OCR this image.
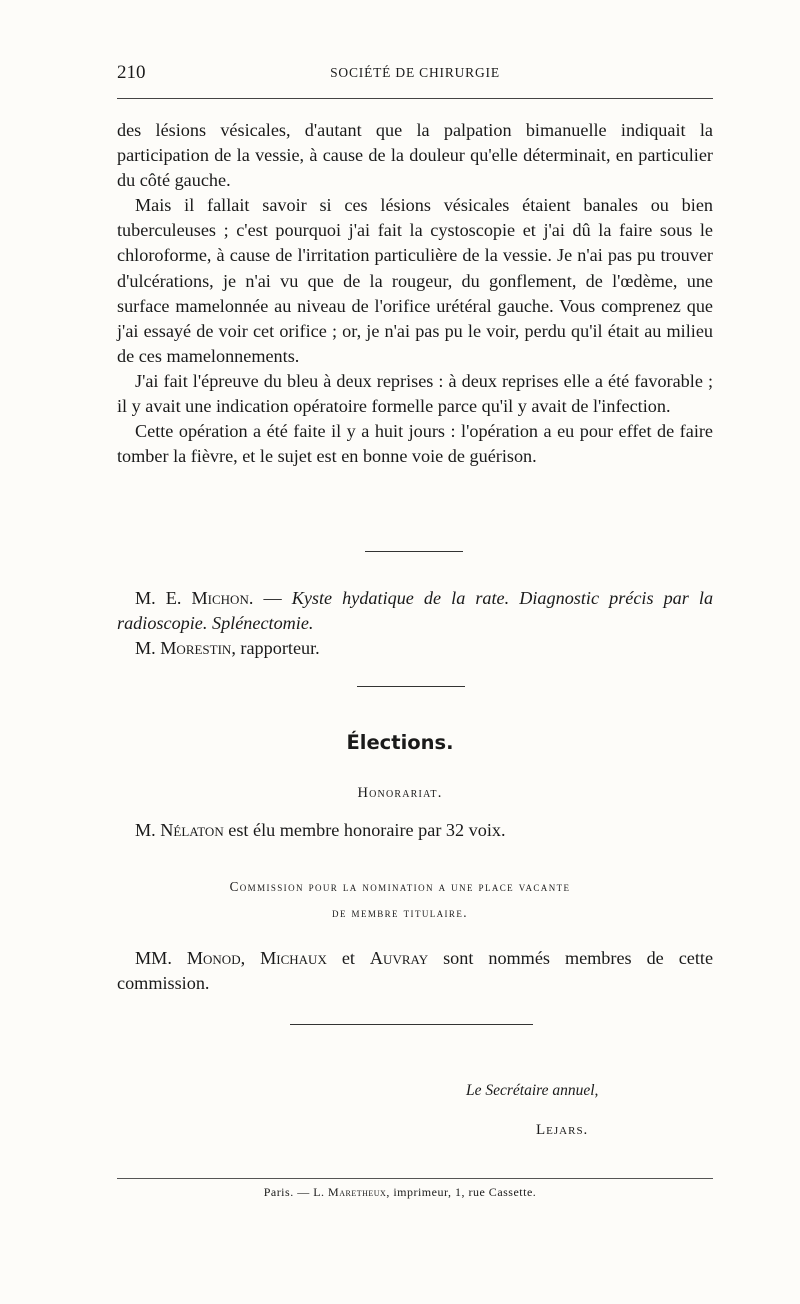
210	SOCIÉTÉ DE CHIRURGIE

des lésions vésicales, d'autant que la palpation bimanuelle indiquait la participation de la vessie, à cause de la douleur qu'elle déterminait, en particulier du côté gauche.

Mais il fallait savoir si ces lésions vésicales étaient banales ou bien tuberculeuses ; c'est pourquoi j'ai fait la cystoscopie et j'ai dû la faire sous le chloroforme, à cause de l'irritation particulière de la vessie. Je n'ai pas pu trouver d'ulcérations, je n'ai vu que de la rougeur, du gonflement, de l'œdème, une surface mamelonnée au niveau de l'orifice urétéral gauche. Vous comprenez que j'ai essayé de voir cet orifice ; or, je n'ai pas pu le voir, perdu qu'il était au milieu de ces mamelonnements.

J'ai fait l'épreuve du bleu à deux reprises : à deux reprises elle a été favorable ; il y avait une indication opératoire formelle parce qu'il y avait de l'infection.

Cette opération a été faite il y a huit jours : l'opération a eu pour effet de faire tomber la fièvre, et le sujet est en bonne voie de guérison.

M. E. Michon. — Kyste hydatique de la rate. Diagnostic précis par la radioscopie. Splénectomie.

M. Morestin, rapporteur.

Élections.
Honorariat.
M. Nélaton est élu membre honoraire par 32 voix.
Commission pour la nomination a une place vacante
de membre titulaire.
MM. Monod, Michaux et Auvray sont nommés membres de cette commission.
Le Secrétaire annuel,
Lejars.
Paris. — L. Maretheux, imprimeur, 1, rue Cassette.
